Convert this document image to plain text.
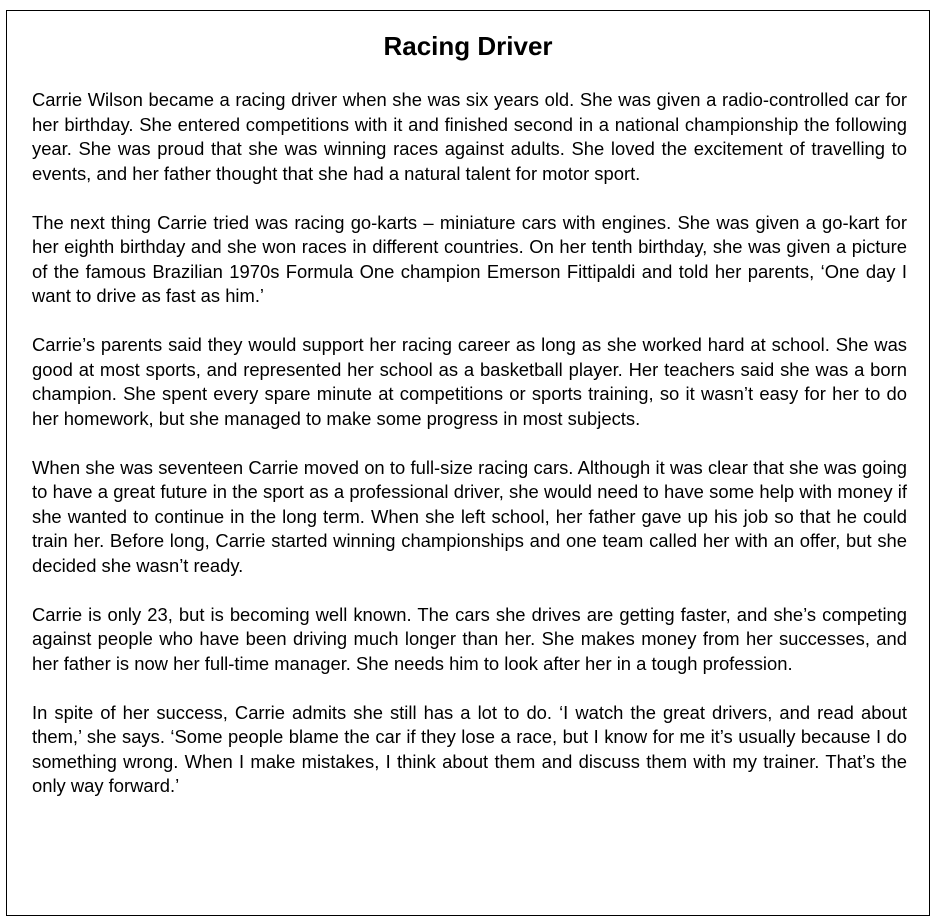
Racing Driver

Carrie Wilson became a racing driver when she was six years old. She was given a radio-controlled car for her birthday. She entered competitions with it and finished second in a national championship the following year. She was proud that she was winning races against adults. She loved the excitement of travelling to events, and her father thought that she had a natural talent for motor sport.

The next thing Carrie tried was racing go-karts – miniature cars with engines. She was given a go-kart for her eighth birthday and she won races in different countries. On her tenth birthday, she was given a picture of the famous Brazilian 1970s Formula One champion Emerson Fittipaldi and told her parents, ‘One day I want to drive as fast as him.’

Carrie’s parents said they would support her racing career as long as she worked hard at school. She was good at most sports, and represented her school as a basketball player. Her teachers said she was a born champion. She spent every spare minute at competitions or sports training, so it wasn’t easy for her to do her homework, but she managed to make some progress in most subjects.

When she was seventeen Carrie moved on to full-size racing cars. Although it was clear that she was going to have a great future in the sport as a professional driver, she would need to have some help with money if she wanted to continue in the long term. When she left school, her father gave up his job so that he could train her. Before long, Carrie started winning championships and one team called her with an offer, but she decided she wasn’t ready.

Carrie is only 23, but is becoming well known. The cars she drives are getting faster, and she’s competing against people who have been driving much longer than her. She makes money from her successes, and her father is now her full-time manager. She needs him to look after her in a tough profession.

In spite of her success, Carrie admits she still has a lot to do. ‘I watch the great drivers, and read about them,’ she says. ‘Some people blame the car if they lose a race, but I know for me it’s usually because I do something wrong. When I make mistakes, I think about them and discuss them with my trainer. That’s the only way forward.’
